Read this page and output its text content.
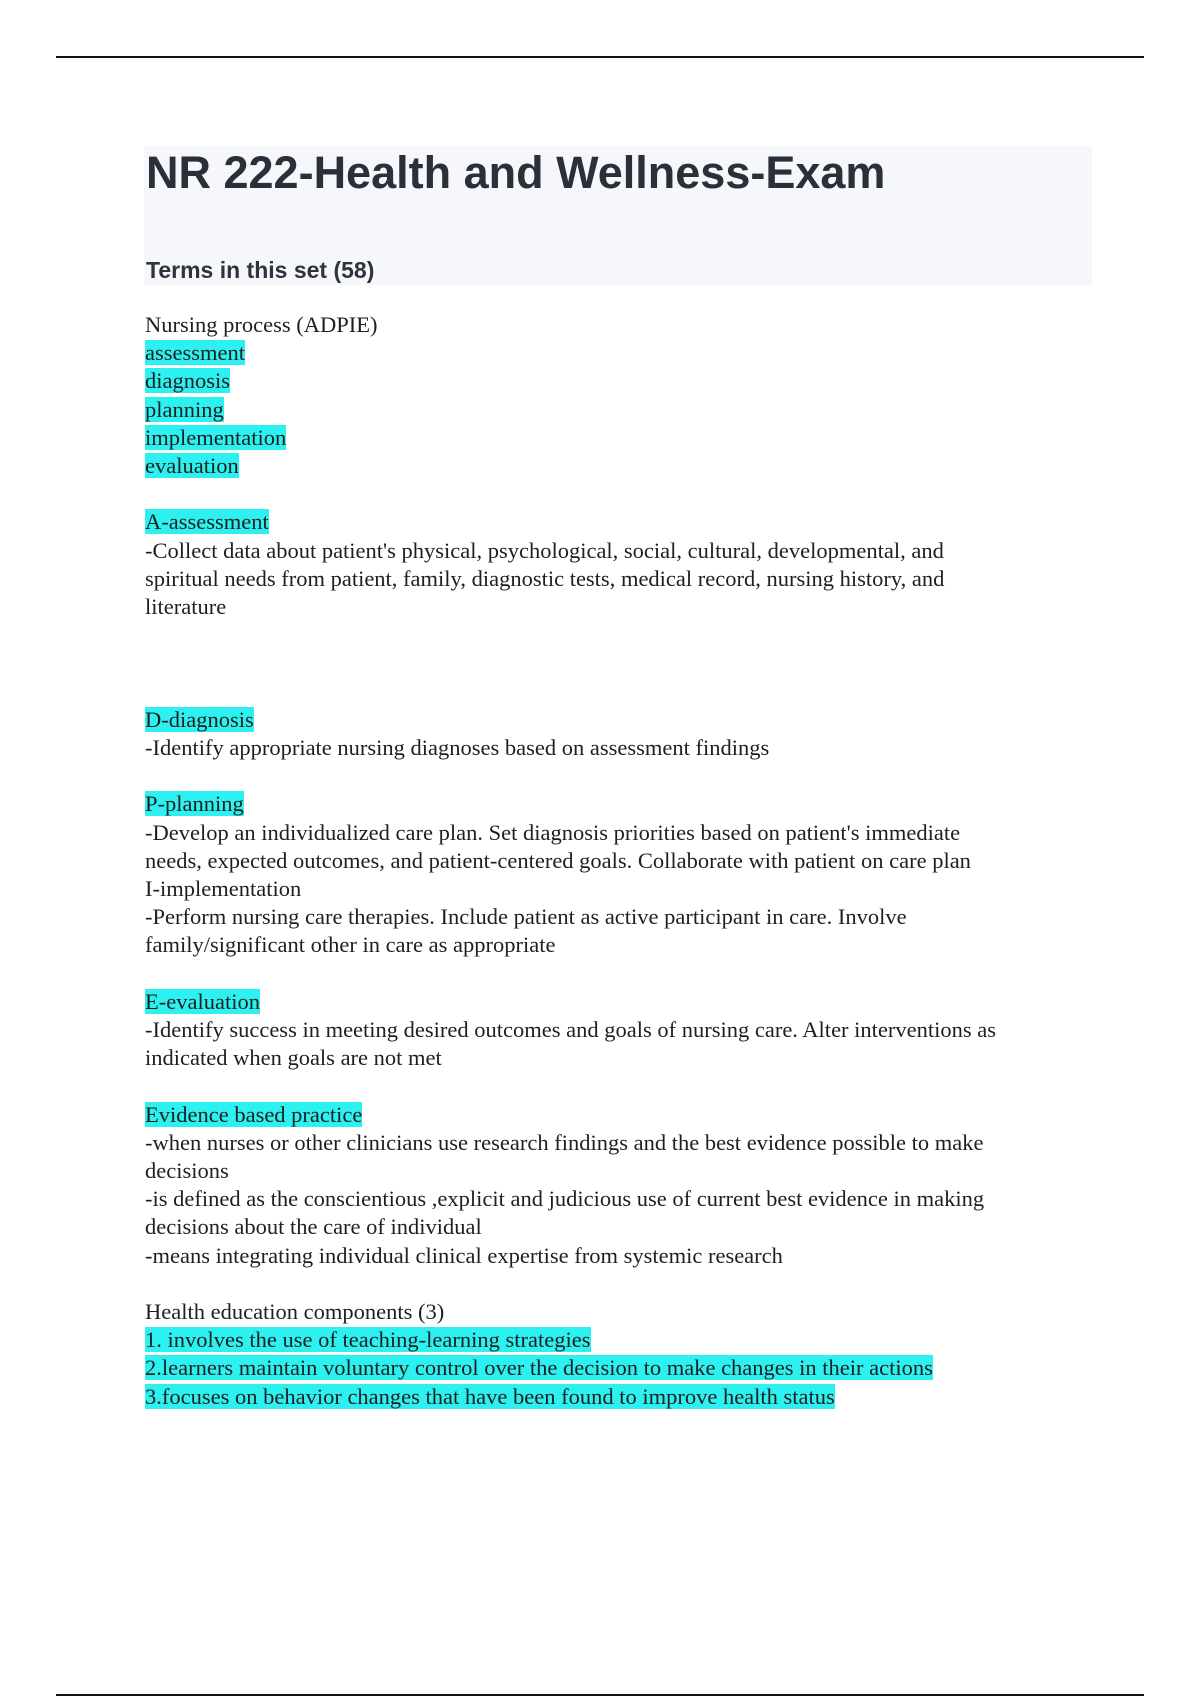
NR 222-Health and Wellness-Exam
Terms in this set (58)
Nursing process (ADPIE)
assessment
diagnosis
planning
implementation
evaluation
A-assessment
-Collect data about patient's physical, psychological, social, cultural, developmental, and
spiritual needs from patient, family, diagnostic tests, medical record, nursing history, and
literature
D-diagnosis
-Identify appropriate nursing diagnoses based on assessment findings
P-planning
-Develop an individualized care plan. Set diagnosis priorities based on patient's immediate
needs, expected outcomes, and patient-centered goals. Collaborate with patient on care plan
I-implementation
-Perform nursing care therapies. Include patient as active participant in care. Involve
family/significant other in care as appropriate
E-evaluation
-Identify success in meeting desired outcomes and goals of nursing care. Alter interventions as
indicated when goals are not met
Evidence based practice
-when nurses or other clinicians use research findings and the best evidence possible to make
decisions
-is defined as the conscientious ,explicit and judicious use of current best evidence in making
decisions about the care of individual
-means integrating individual clinical expertise from systemic research
Health education components (3)
1. involves the use of teaching-learning strategies
2.learners maintain voluntary control over the decision to make changes in their actions
3.focuses on behavior changes that have been found to improve health status
